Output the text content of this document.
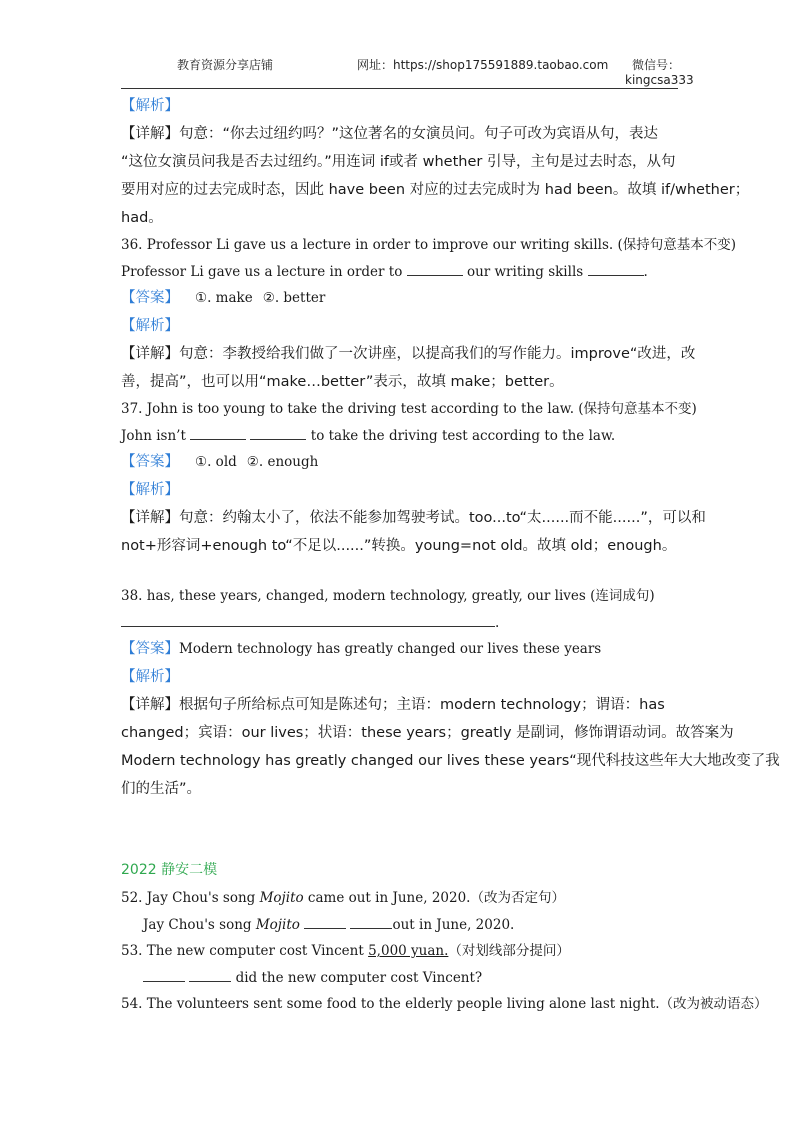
教育资源分享店铺	网址：https://shop175591889.taobao.com 微信号：
kingcsa333
【解析】
【详解】句意：“你去过纽约吗？”这位著名的女演员问。句子可改为宾语从句，表达
“这位女演员问我是否去过纽约。”用连词 if或者 whether 引导，主句是过去时态，从句
要用对应的过去完成时态，因此 have been 对应的过去完成时为 had been。故填 if/whether；
had。
36. Professor Li gave us a lecture in order to improve our writing skills. (保持句意基本不变)
Professor Li gave us a lecture in order to	our writing skills	.
【答案】 ①. make ②. better
【解析】
【详解】句意：李教授给我们做了一次讲座，以提高我们的写作能力。improve“改进，改
善，提高”，也可以用“make…better”表示，故填 make；better。
37. John is too young to take the driving test according to the law. (保持句意基本不变)
John isn’t	to take the driving test according to the law.
【答案】 ①. old ②. enough
【解析】
【详解】句意：约翰太小了，依法不能参加驾驶考试。too...to“太......而不能......”，可以和
not+形容词+enough to“不足以......”转换。young=not old。故填 old；enough。
38. has, these years, changed, modern technology, greatly, our lives (连词成句)
.
【答案】Modern technology has greatly changed our lives these years
【解析】
【详解】根据句子所给标点可知是陈述句；主语：modern technology；谓语：has
changed；宾语：our lives；状语：these years；greatly 是副词，修饰谓语动词。故答案为
Modern technology has greatly changed our lives these years“现代科技这些年大大地改变了我
们的生活”。
2022 静安二模
52. Jay Chou's song Mojito came out in June, 2020.（改为否定句）
Jay Chou's song Mojito	out in June, 2020.
53. The new computer cost Vincent 5,000 yuan.（对划线部分提问）
did the new computer cost Vincent?
54. The volunteers sent some food to the elderly people living alone last night.（改为被动语态）
